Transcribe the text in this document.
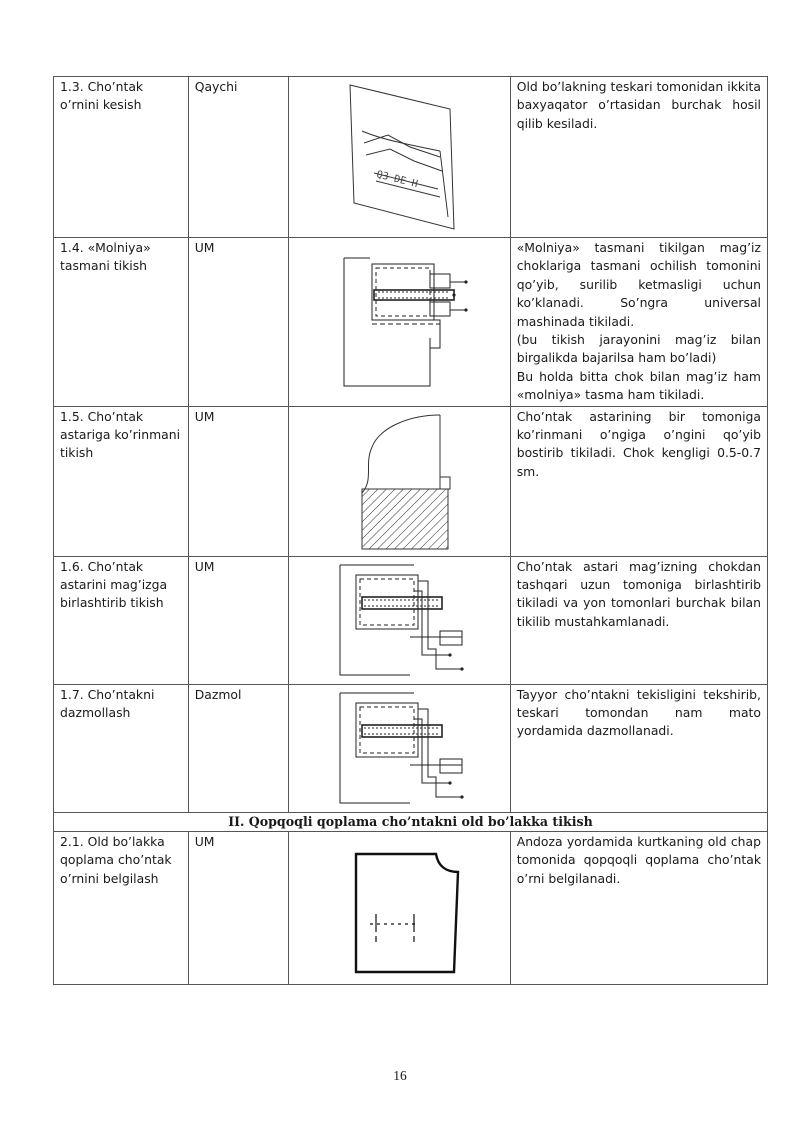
1.3. Cho’ntak o’rnini kesish	Qaychi	Q3 DE H	Old bo’lakning teskari tomonidan ikkita baxyaqator o’rtasidan burchak hosil qilib kesiladi.
1.4. «Molniya» tasmani tikish	UM		«Molniya» tasmani tikilgan mag’iz choklariga tasmani ochilish tomonini qo’yib, surilib ketmasligi uchun ko’klanadi. So’ngra universal mashinada tikiladi.
(bu tikish jarayonini mag’iz bilan birgalikda bajarilsa ham bo’ladi)
Bu holda bitta chok bilan mag’iz ham «molniya» tasma ham tikiladi.

1.5. Cho’ntak astariga ko’rinmani tikish	UM		Cho’ntak astarining bir tomoniga ko’rinmani o’ngiga o’ngini qo’yib bostirib tikiladi. Chok kengligi 0.5-0.7 sm.
1.6. Cho’ntak astarini mag’izga birlashtirib tikish	UM		Cho’ntak astari mag’izning chokdan tashqari uzun tomoniga birlashtirib tikiladi va yon tomonlari burchak bilan tikilib mustahkamlanadi.
1.7. Cho’ntakni dazmollash	Dazmol		Tayyor cho’ntakni tekisligini tekshirib, teskari tomondan nam mato yordamida dazmollanadi.
II. Qopqoqli qoplama cho’ntakni old bo’lakka tikish			
2.1. Old bo’lakka qoplama cho’ntak o’rnini belgilash	UM		Andoza yordamida kurtkaning old chap tomonida qopqoqli qoplama cho’ntak o’rni belgilanadi.
16
